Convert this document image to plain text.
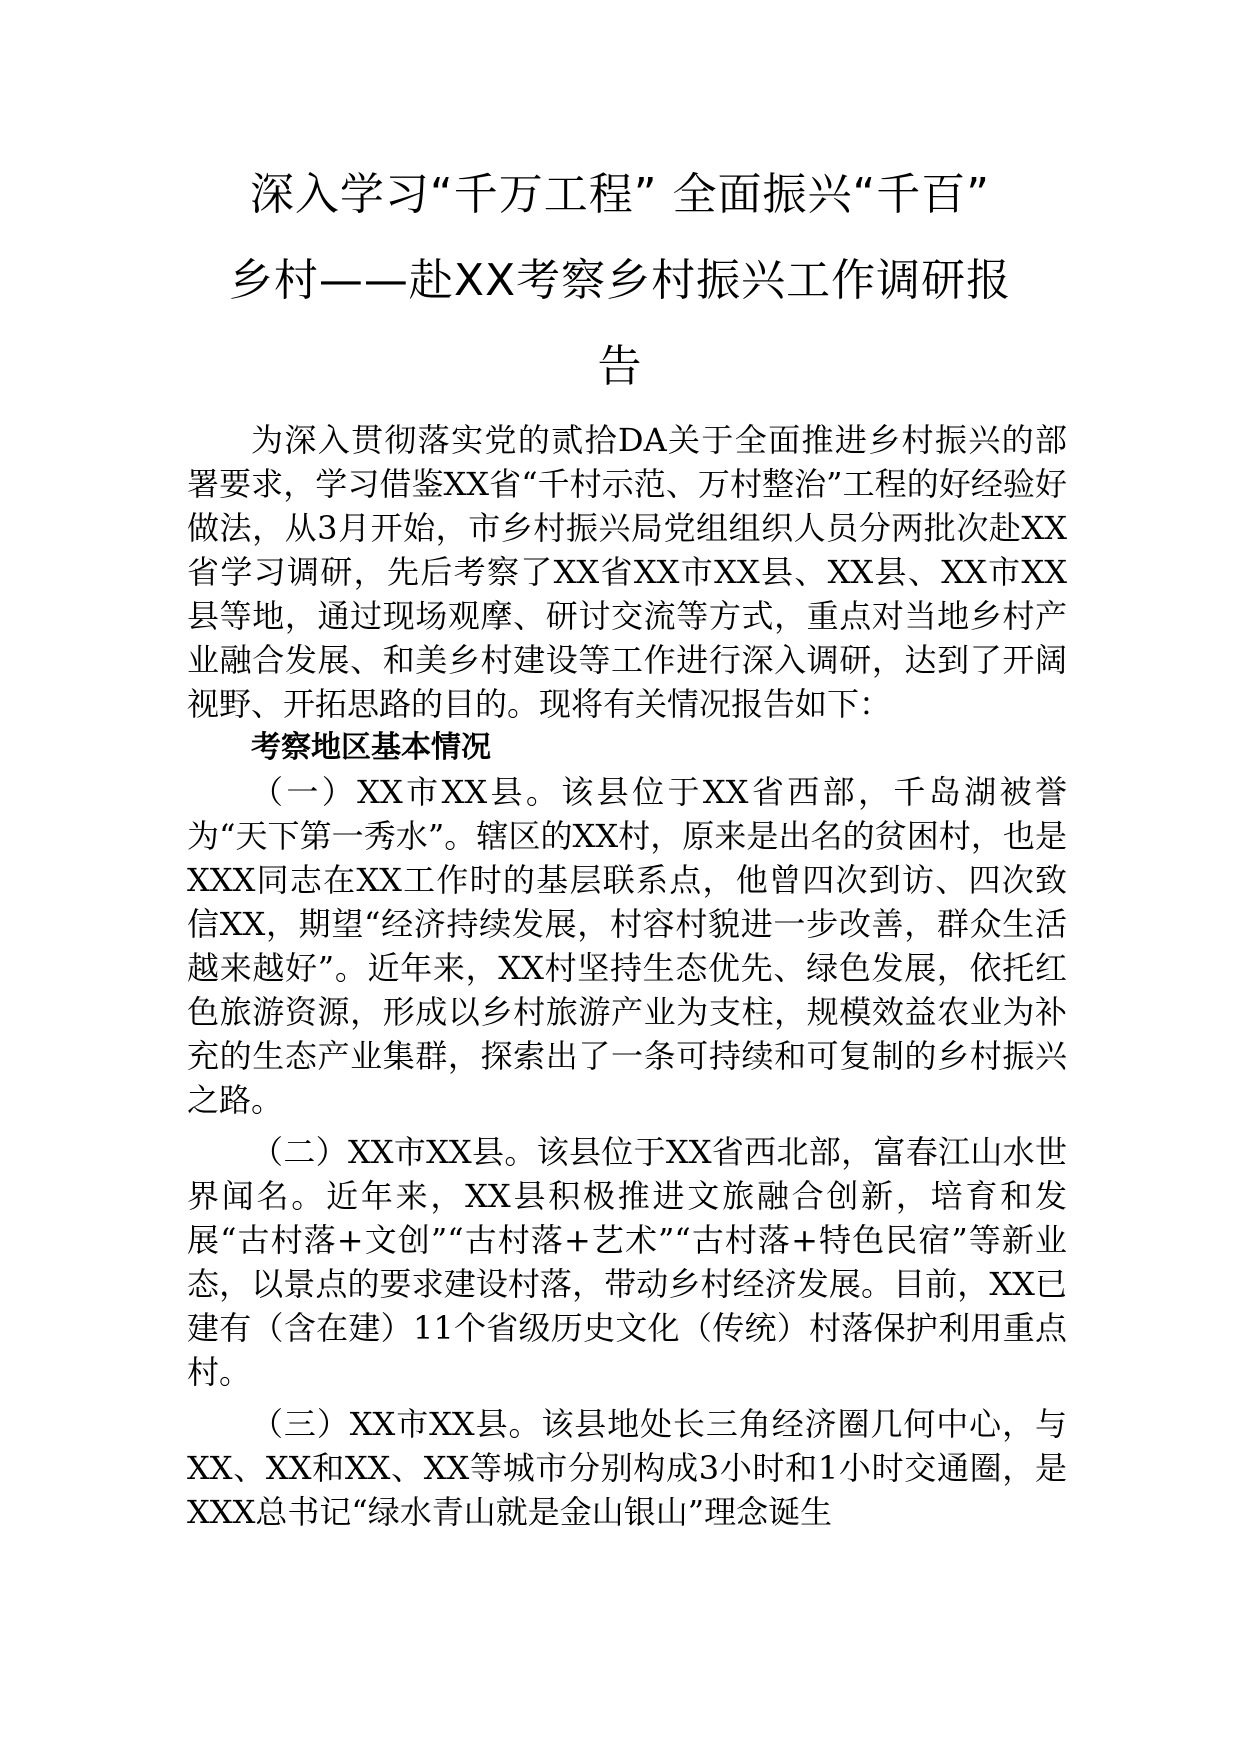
深入学习“千万工程” 全面振兴“千百”
乡村——赴XX考察乡村振兴工作调研报
告

为深入贯彻落实党的贰拾DA关于全面推进乡村振兴的部署要求，学习借鉴XX省“千村示范、万村整治”工程的好经验好做法，从3月开始，市乡村振兴局党组组织人员分两批次赴XX省学习调研，先后考察了XX省XX市XX县、XX县、XX市XX县等地，通过现场观摩、研讨交流等方式，重点对当地乡村产业融合发展、和美乡村建设等工作进行深入调研，达到了开阔视野、开拓思路的目的。现将有关情况报告如下：

考察地区基本情况

（一）XX市XX县。该县位于XX省西部，千岛湖被誉为“天下第一秀水”。辖区的XX村，原来是出名的贫困村，也是XXX同志在XX工作时的基层联系点，他曾四次到访、四次致信XX，期望“经济持续发展，村容村貌进一步改善，群众生活越来越好”。近年来，XX村坚持生态优先、绿色发展，依托红色旅游资源，形成以乡村旅游产业为支柱，规模效益农业为补充的生态产业集群，探索出了一条可持续和可复制的乡村振兴之路。

（二）XX市XX县。该县位于XX省西北部，富春江山水世界闻名。近年来，XX县积极推进文旅融合创新，培育和发展“古村落+文创”“古村落+艺术”“古村落+特色民宿”等新业态，以景点的要求建设村落，带动乡村经济发展。目前，XX已建有（含在建）11个省级历史文化（传统）村落保护利用重点村。

（三）XX市XX县。该县地处长三角经济圈几何中心，与XX、XX和XX、XX等城市分别构成3小时和1小时交通圈，是XXX总书记“绿水青山就是金山银山”理念诞生
